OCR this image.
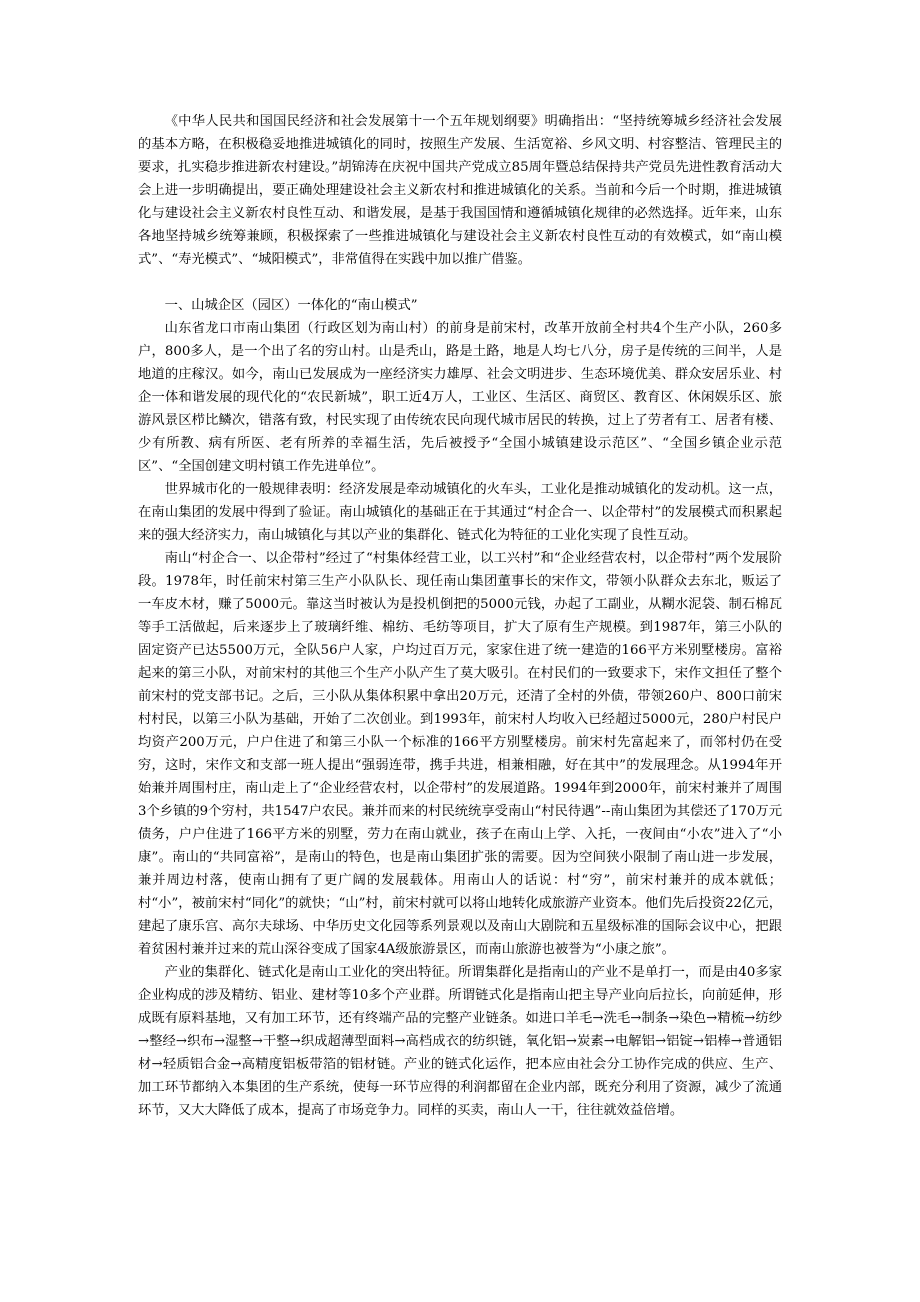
《中华人民共和国国民经济和社会发展第十一个五年规划纲要》明确指出：“坚持统筹城乡经济社会发展的基本方略，在积极稳妥地推进城镇化的同时，按照生产发展、生活宽裕、乡风文明、村容整洁、管理民主的要求，扎实稳步推进新农村建设。”胡锦涛在庆祝中国共产党成立85周年暨总结保持共产党员先进性教育活动大会上进一步明确提出，要正确处理建设社会主义新农村和推进城镇化的关系。当前和今后一个时期，推进城镇化与建设社会主义新农村良性互动、和谐发展，是基于我国国情和遵循城镇化规律的必然选择。近年来，山东各地坚持城乡统筹兼顾，积极探索了一些推进城镇化与建设社会主义新农村良性互动的有效模式，如“南山模式”、“寿光模式”、“城阳模式”，非常值得在实践中加以推广借鉴。

一、山城企区（园区）一体化的“南山模式”

山东省龙口市南山集团（行政区划为南山村）的前身是前宋村，改革开放前全村共4个生产小队，260多户，800多人，是一个出了名的穷山村。山是秃山，路是土路，地是人均七八分，房子是传统的三间半，人是地道的庄稼汉。如今，南山已发展成为一座经济实力雄厚、社会文明进步、生态环境优美、群众安居乐业、村企一体和谐发展的现代化的“农民新城”，职工近4万人，工业区、生活区、商贸区、教育区、休闲娱乐区、旅游风景区栉比鳞次，错落有致，村民实现了由传统农民向现代城市居民的转换，过上了劳者有工、居者有楼、少有所教、病有所医、老有所养的幸福生活，先后被授予“全国小城镇建设示范区”、“全国乡镇企业示范区”、“全国创建文明村镇工作先进单位”。

世界城市化的一般规律表明：经济发展是牵动城镇化的火车头，工业化是推动城镇化的发动机。这一点，在南山集团的发展中得到了验证。南山城镇化的基础正在于其通过“村企合一、以企带村”的发展模式而积累起来的强大经济实力，南山城镇化与其以产业的集群化、链式化为特征的工业化实现了良性互动。

南山“村企合一、以企带村”经过了“村集体经营工业，以工兴村”和“企业经营农村，以企带村”两个发展阶段。1978年，时任前宋村第三生产小队队长、现任南山集团董事长的宋作文，带领小队群众去东北，贩运了一车皮木材，赚了5000元。靠这当时被认为是投机倒把的5000元钱，办起了工副业，从糊水泥袋、制石棉瓦等手工活做起，后来逐步上了玻璃纤维、棉纺、毛纺等项目，扩大了原有生产规模。到1987年，第三小队的固定资产已达5500万元，全队56户人家，户均过百万元，家家住进了统一建造的166平方米别墅楼房。富裕起来的第三小队，对前宋村的其他三个生产小队产生了莫大吸引。在村民们的一致要求下，宋作文担任了整个前宋村的党支部书记。之后，三小队从集体积累中拿出20万元，还清了全村的外债，带领260户、800口前宋村村民，以第三小队为基础，开始了二次创业。到1993年，前宋村人均收入已经超过5000元，280户村民户均资产200万元，户户住进了和第三小队一个标准的166平方别墅楼房。前宋村先富起来了，而邻村仍在受穷，这时，宋作文和支部一班人提出“强弱连带，携手共进，相兼相融，好在其中”的发展理念。从1994年开始兼并周围村庄，南山走上了“企业经营农村，以企带村”的发展道路。1994年到2000年，前宋村兼并了周围3个乡镇的9个穷村，共1547户农民。兼并而来的村民统统享受南山“村民待遇”--南山集团为其偿还了170万元债务，户户住进了166平方米的别墅，劳力在南山就业，孩子在南山上学、入托，一夜间由“小农”进入了“小康”。南山的“共同富裕”，是南山的特色，也是南山集团扩张的需要。因为空间狭小限制了南山进一步发展，兼并周边村落，使南山拥有了更广阔的发展载体。用南山人的话说：村“穷”，前宋村兼并的成本就低；村“小”，被前宋村“同化”的就快；“山”村，前宋村就可以将山地转化成旅游产业资本。他们先后投资22亿元，建起了康乐宫、高尔夫球场、中华历史文化园等系列景观以及南山大剧院和五星级标准的国际会议中心，把跟着贫困村兼并过来的荒山深谷变成了国家4A级旅游景区，而南山旅游也被誉为“小康之旅”。

产业的集群化、链式化是南山工业化的突出特征。所谓集群化是指南山的产业不是单打一，而是由40多家企业构成的涉及精纺、铝业、建材等10多个产业群。所谓链式化是指南山把主导产业向后拉长，向前延伸，形成既有原料基地，又有加工环节，还有终端产品的完整产业链条。如进口羊毛→洗毛→制条→染色→精梳→纺纱→整经→织布→湿整→干整→织成超薄型面料→高档成衣的纺织链，氧化铝→炭素→电解铝→铝锭→铝棒→普通铝材→轻质铝合金→高精度铝板带箔的铝材链。产业的链式化运作，把本应由社会分工协作完成的供应、生产、加工环节都纳入本集团的生产系统，使每一环节应得的利润都留在企业内部，既充分利用了资源，减少了流通环节，又大大降低了成本，提高了市场竞争力。同样的买卖，南山人一干，往往就效益倍增。
